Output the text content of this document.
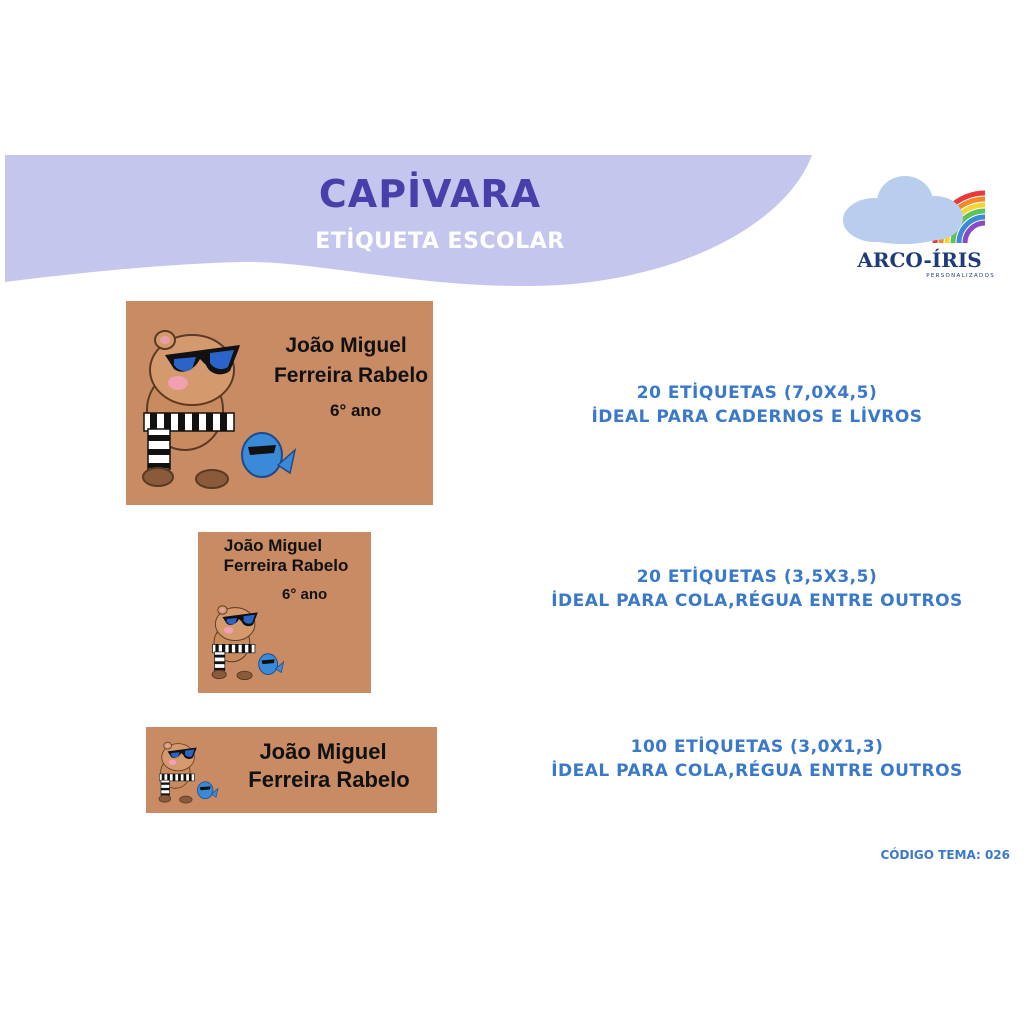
CAPİVARA
ETİQUETA ESCOLAR
ARCO-ÍRIS
PERSONALIZADOS
João Miguel
Ferreira Rabelo
6° ano
20 ETİQUETAS (7,0X4,5)
İDEAL PARA CADERNOS E LİVROS
João Miguel
Ferreira Rabelo
6° ano
20 ETİQUETAS (3,5X3,5)
İDEAL PARA COLA,RÉGUA ENTRE OUTROS
João Miguel
Ferreira Rabelo
100 ETİQUETAS (3,0X1,3)
İDEAL PARA COLA,RÉGUA ENTRE OUTROS
CÓDIGO TEMA: 026
